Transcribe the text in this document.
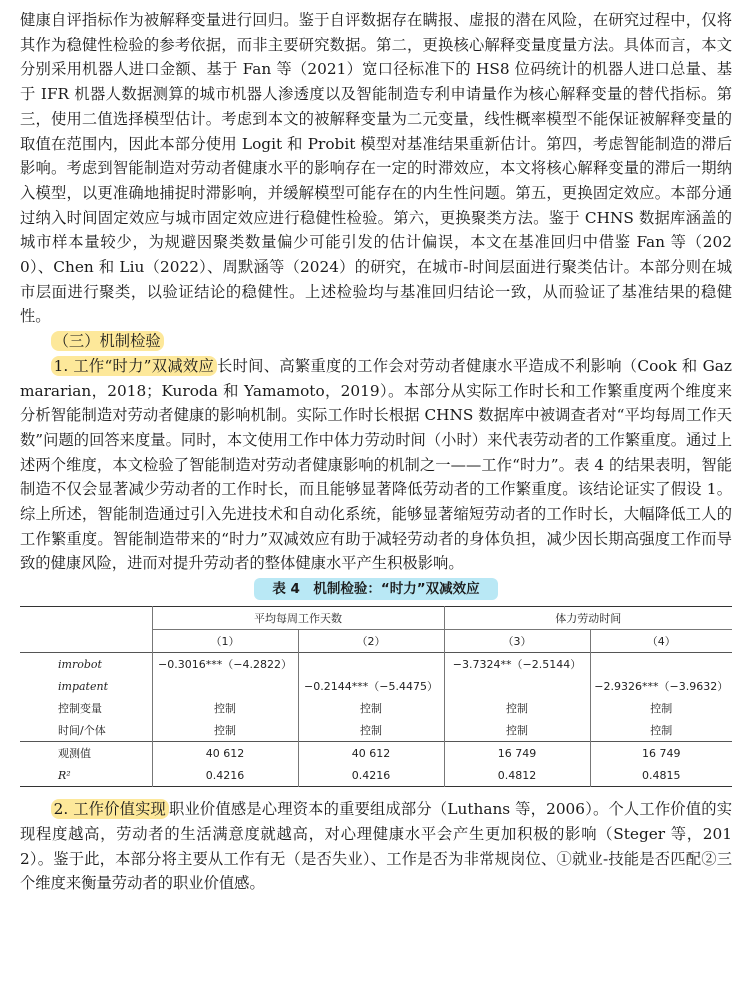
健康自评指标作为被解释变量进行回归。鉴于自评数据存在瞒报、虚报的潜在风险，在研究过程中，仅将其作为稳健性检验的参考依据，而非主要研究数据。第二，更换核心解释变量度量方法。具体而言，本文分别采用机器人进口金额、基于 Fan 等（2021）宽口径标准下的 HS8 位码统计的机器人进口总量、基于 IFR 机器人数据测算的城市机器人渗透度以及智能制造专利申请量作为核心解释变量的替代指标。第三，使用二值选择模型估计。考虑到本文的被解释变量为二元变量，线性概率模型不能保证被解释变量的取值在范围内，因此本部分使用 Logit 和 Probit 模型对基准结果重新估计。第四，考虑智能制造的滞后影响。考虑到智能制造对劳动者健康水平的影响存在一定的时滞效应，本文将核心解释变量的滞后一期纳入模型，以更准确地捕捉时滞影响，并缓解模型可能存在的内生性问题。第五，更换固定效应。本部分通过纳入时间固定效应与城市固定效应进行稳健性检验。第六，更换聚类方法。鉴于 CHNS 数据库涵盖的城市样本量较少，为规避因聚类数量偏少可能引发的估计偏误，本文在基准回归中借鉴 Fan 等（2020）、Chen 和 Liu（2022）、周默涵等（2024）的研究，在城市-时间层面进行聚类估计。本部分则在城市层面进行聚类，以验证结论的稳健性。上述检验均与基准回归结论一致，从而验证了基准结果的稳健性。

（三）机制检验

1. 工作“时力”双减效应 长时间、高繁重度的工作会对劳动者健康水平造成不利影响（Cook 和 Gazmararian，2018；Kuroda 和 Yamamoto，2019）。本部分从实际工作时长和工作繁重度两个维度来分析智能制造对劳动者健康的影响机制。实际工作时长根据 CHNS 数据库中被调查者对“平均每周工作天数”问题的回答来度量。同时，本文使用工作中体力劳动时间（小时）来代表劳动者的工作繁重度。通过上述两个维度，本文检验了智能制造对劳动者健康影响的机制之一——工作“时力”。表 4 的结果表明，智能制造不仅会显著减少劳动者的工作时长，而且能够显著降低劳动者的工作繁重度。该结论证实了假设 1。综上所述，智能制造通过引入先进技术和自动化系统，能够显著缩短劳动者的工作时长，大幅降低工人的工作繁重度。智能制造带来的“时力”双减效应有助于减轻劳动者的身体负担，减少因长期高强度工作而导致的健康风险，进而对提升劳动者的整体健康水平产生积极影响。

表 4　机制检验：“时力”双减效应
	平均每周工作天数		体力劳动时间	
	（1）	（2）	（3）	（4）
imrobot	−0.3016***（−4.2822）		−3.7324**（−2.5144）	
impatent		−0.2144***（−5.4475）		−2.9326***（−3.9632）
控制变量	控制	控制	控制	控制
时间/个体	控制	控制	控制	控制
观测值	40 612	40 612	16 749	16 749
R²	0.4216	0.4216	0.4812	0.4815

2. 工作价值实现 职业价值感是心理资本的重要组成部分（Luthans 等，2006）。个人工作价值的实现程度越高，劳动者的生活满意度就越高，对心理健康水平会产生更加积极的影响（Steger 等，2012）。鉴于此，本部分将主要从工作有无（是否失业）、工作是否为非常规岗位、①就业-技能是否匹配②三个维度来衡量劳动者的职业价值感。
